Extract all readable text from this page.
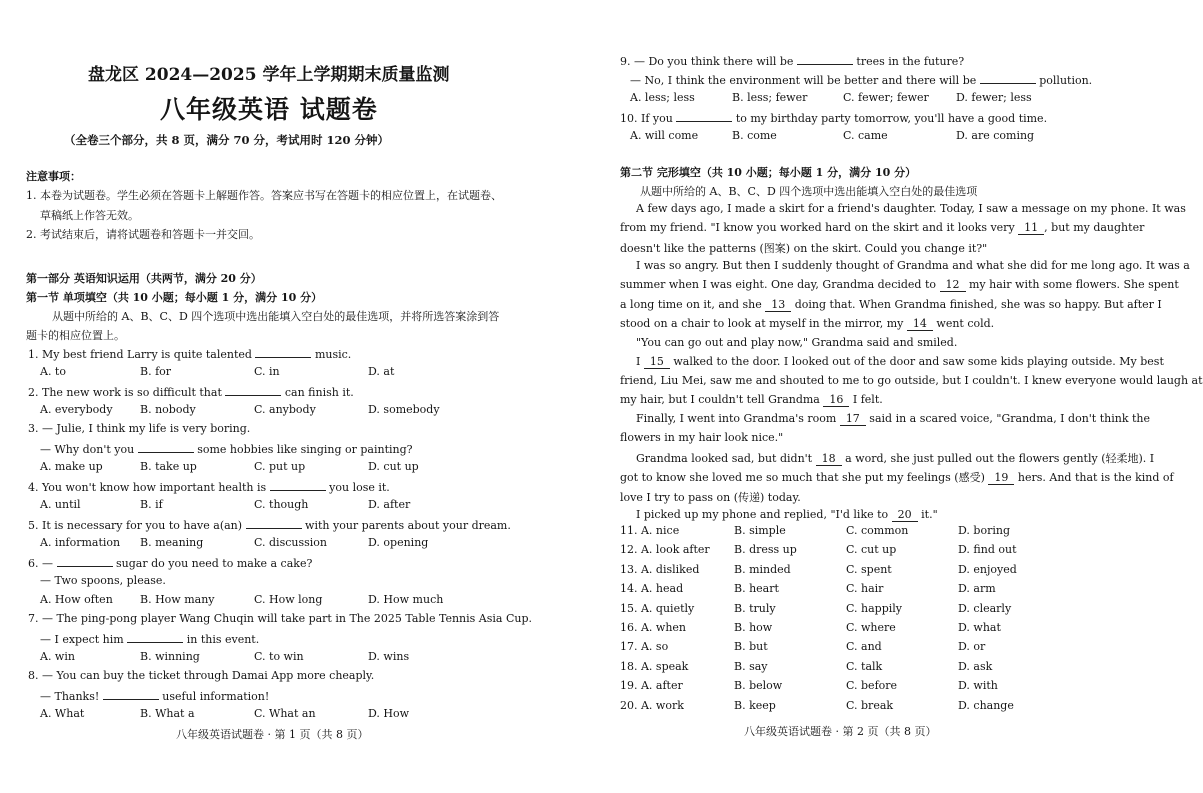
盘龙区 2024—2025 学年上学期期末质量监测
八年级英语 试题卷
（全卷三个部分，共 8 页，满分 70 分，考试用时 120 分钟）
注意事项：
1. 本卷为试题卷。学生必须在答题卡上解题作答。答案应书写在答题卡的相应位置上，在试题卷、
草稿纸上作答无效。
2. 考试结束后，请将试题卷和答题卡一并交回。
第一部分 英语知识运用（共两节，满分 20 分）
第一节 单项填空（共 10 小题；每小题 1 分，满分 10 分）
从题中所给的 A、B、C、D 四个选项中选出能填入空白处的最佳选项，并将所选答案涂到答
题卡的相应位置上。
1. My best friend Larry is quite talented	music.
A. to	B. for	C. in	D. at
2. The new work is so difficult that	can finish it.
A. everybody B. nobody	C. anybody	D. somebody
3. — Julie, I think my life is very boring.
— Why don't you	some hobbies like singing or painting?
A. make up	B. take up	C. put up	D. cut up
4. You won't know how important health is	you lose it.
A. until	B. if	C. though	D. after
5. It is necessary for you to have a(an)	with your parents about your dream.
A. information B. meaning	C. discussion	D. opening
6. —	sugar do you need to make a cake?
— Two spoons, please.
A. How often B. How many	C. How long	D. How much
7. — The ping-pong player Wang Chuqin will take part in The 2025 Table Tennis Asia Cup.
— I expect him	in this event.
A. win	B. winning	C. to win	D. wins
8. — You can buy the ticket through Damai App more cheaply.
— Thanks!	useful information!
A. What	B. What a	C. What an	D. How
八年级英语试题卷 · 第 1 页（共 8 页）
9. — Do you think there will be	trees in the future?
— No, I think the environment will be better and there will be	pollution.
A. less; less	B. less; fewer	C. fewer; fewer D. fewer; less
10. If you	to my birthday party tomorrow, you'll have a good time.
A. will come	B. come	C. came	D. are coming
第二节 完形填空（共 10 小题；每小题 1 分，满分 10 分）
从题中所给的 A、B、C、D 四个选项中选出能填入空白处的最佳选项
A few days ago, I made a skirt for a friend's daughter. Today, I saw a message on my phone. It was
from my friend. "I know you worked hard on the skirt and it looks very 11 , but my daughter
doesn't like the patterns (图案) on the skirt. Could you change it?"
I was so angry. But then I suddenly thought of Grandma and what she did for me long ago. It was a
summer when I was eight. One day, Grandma decided to 12 my hair with some flowers. She spent
a long time on it, and she 13 doing that. When Grandma finished, she was so happy. But after I
stood on a chair to look at myself in the mirror, my 14 went cold.
"You can go out and play now," Grandma said and smiled.
I 15 walked to the door. I looked out of the door and saw some kids playing outside. My best
friend, Liu Mei, saw me and shouted to me to go outside, but I couldn't. I knew everyone would laugh at
my hair, but I couldn't tell Grandma 16 I felt.
Finally, I went into Grandma's room 17 said in a scared voice, "Grandma, I don't think the
flowers in my hair look nice."
Grandma looked sad, but didn't 18 a word, she just pulled out the flowers gently (轻柔地). I
got to know she loved me so much that she put my feelings (感受) 19 hers. And that is the kind of
love I try to pass on (传递) today.
I picked up my phone and replied, "I'd like to 20 it."
11. A. nice	B. simple	C. common	D. boring
12. A. look after B. dress up	C. cut up	D. find out
13. A. disliked	B. minded	C. spent	D. enjoyed
14. A. head	B. heart	C. hair	D. arm
15. A. quietly	B. truly	C. happily	D. clearly
16. A. when	B. how	C. where	D. what
17. A. so	B. but	C. and	D. or
18. A. speak	B. say	C. talk	D. ask
19. A. after	B. below	C. before	D. with
20. A. work	B. keep	C. break	D. change
八年级英语试题卷 · 第 2 页（共 8 页）
